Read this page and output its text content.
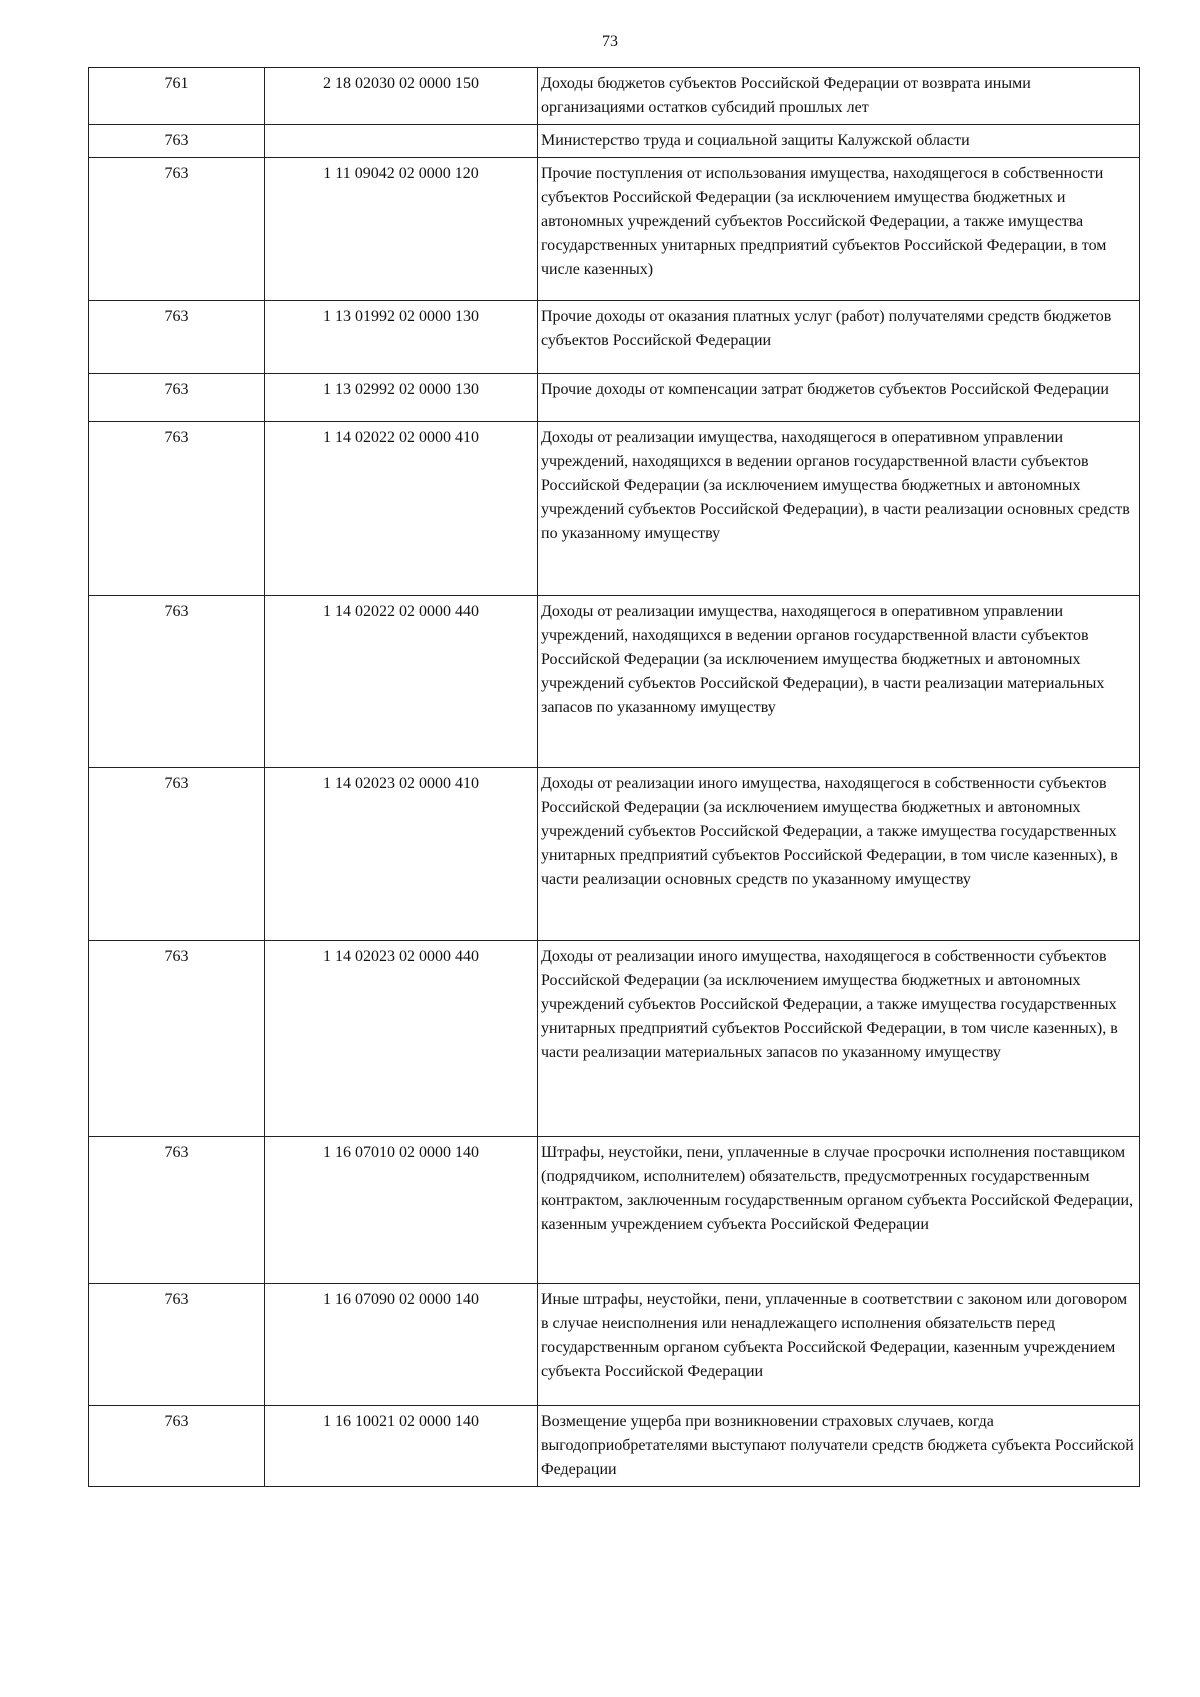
73
761	2 18 02030 02 0000 150	Доходы бюджетов субъектов Российской Федерации от возврата иными организациями остатков субсидий прошлых лет
763		Министерство труда и социальной защиты Калужской области
763	1 11 09042 02 0000 120	Прочие поступления от использования имущества, находящегося в собственности субъектов Российской Федерации (за исключением имущества бюджетных и автономных учреждений субъектов Российской Федерации, а также имущества государственных унитарных предприятий субъектов Российской Федерации, в том числе казенных)
763	1 13 01992 02 0000 130	Прочие доходы от оказания платных услуг (работ) получателями средств бюджетов субъектов Российской Федерации
763	1 13 02992 02 0000 130	Прочие доходы от компенсации затрат бюджетов субъектов Российской Федерации
763	1 14 02022 02 0000 410	Доходы от реализации имущества, находящегося в оперативном управлении учреждений, находящихся в ведении органов государственной власти субъектов Российской Федерации (за исключением имущества бюджетных и автономных учреждений субъектов Российской Федерации), в части реализации основных средств по указанному имуществу
763	1 14 02022 02 0000 440	Доходы от реализации имущества, находящегося в оперативном управлении учреждений, находящихся в ведении органов государственной власти субъектов Российской Федерации (за исключением имущества бюджетных и автономных учреждений субъектов Российской Федерации), в части реализации материальных запасов по указанному имуществу
763	1 14 02023 02 0000 410	Доходы от реализации иного имущества, находящегося в собственности субъектов Российской Федерации (за исключением имущества бюджетных и автономных учреждений субъектов Российской Федерации, а также имущества государственных унитарных предприятий субъектов Российской Федерации, в том числе казенных), в части реализации основных средств по указанному имуществу
763	1 14 02023 02 0000 440	Доходы от реализации иного имущества, находящегося в собственности субъектов Российской Федерации (за исключением имущества бюджетных и автономных учреждений субъектов Российской Федерации, а также имущества государственных унитарных предприятий субъектов Российской Федерации, в том числе казенных), в части реализации материальных запасов по указанному имуществу
763	1 16 07010 02 0000 140	Штрафы, неустойки, пени, уплаченные в случае просрочки исполнения поставщиком (подрядчиком, исполнителем) обязательств, предусмотренных государственным контрактом, заключенным государственным органом субъекта Российской Федерации, казенным учреждением субъекта Российской Федерации
763	1 16 07090 02 0000 140	Иные штрафы, неустойки, пени, уплаченные в соответствии с законом или договором в случае неисполнения или ненадлежащего исполнения обязательств перед государственным органом субъекта Российской Федерации, казенным учреждением субъекта Российской Федерации
763	1 16 10021 02 0000 140	Возмещение ущерба при возникновении страховых случаев, когда выгодоприобретателями выступают получатели средств бюджета субъекта Российской Федерации
